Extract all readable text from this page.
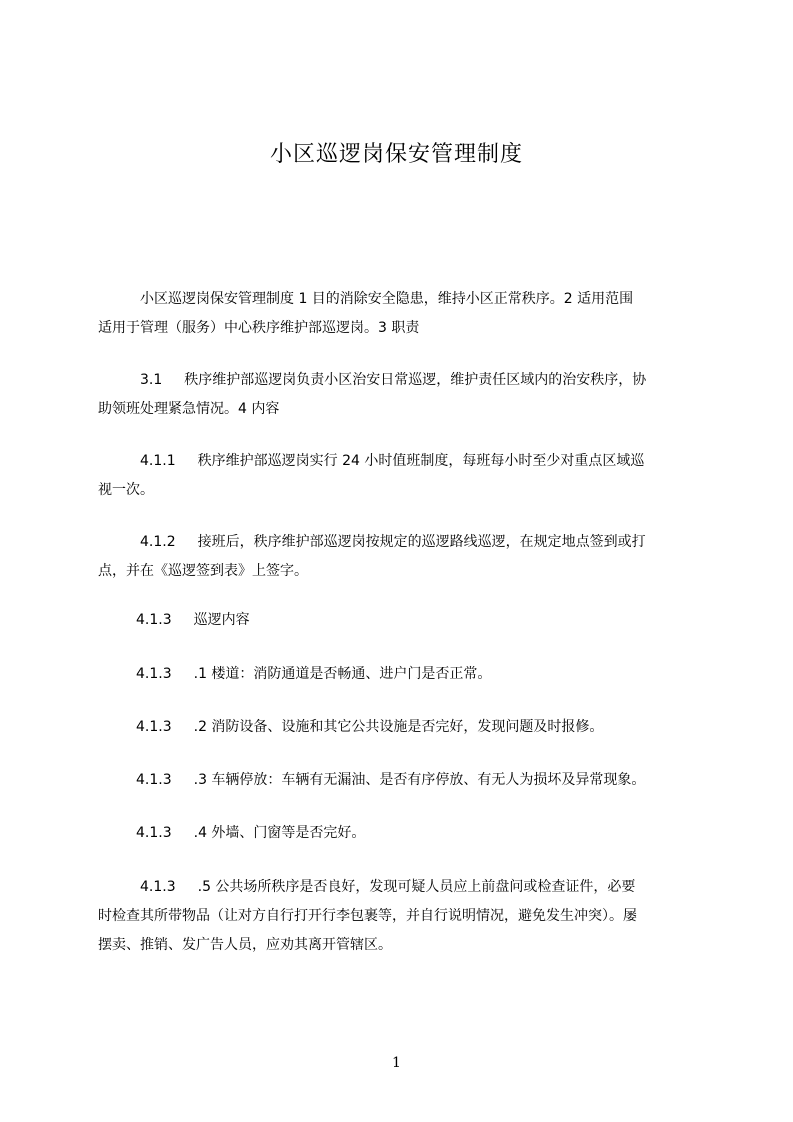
小区巡逻岗保安管理制度
小区巡逻岗保安管理制度 1 目的消除安全隐患，维持小区正常秩序。2 适用范围
适用于管理（服务）中心秩序维护部巡逻岗。3 职责
3.1 秩序维护部巡逻岗负责小区治安日常巡逻，维护责任区域内的治安秩序，协
助领班处理紧急情况。4 内容
4.1.1 秩序维护部巡逻岗实行 24 小时值班制度，每班每小时至少对重点区域巡
视一次。
4.1.2 接班后，秩序维护部巡逻岗按规定的巡逻路线巡逻，在规定地点签到或打
点，并在《巡逻签到表》上签字。
4.1.3 巡逻内容
4.1.3 .1 楼道：消防通道是否畅通、进户门是否正常。
4.1.3 .2 消防设备、设施和其它公共设施是否完好，发现问题及时报修。
4.1.3 .3 车辆停放：车辆有无漏油、是否有序停放、有无人为损坏及异常现象。
4.1.3 .4 外墙、门窗等是否完好。
4.1.3 .5 公共场所秩序是否良好，发现可疑人员应上前盘问或检查证件，必要
时检查其所带物品（让对方自行打开行李包裹等，并自行说明情况，避免发生冲突）。屡
摆卖、推销、发广告人员，应劝其离开管辖区。
1
